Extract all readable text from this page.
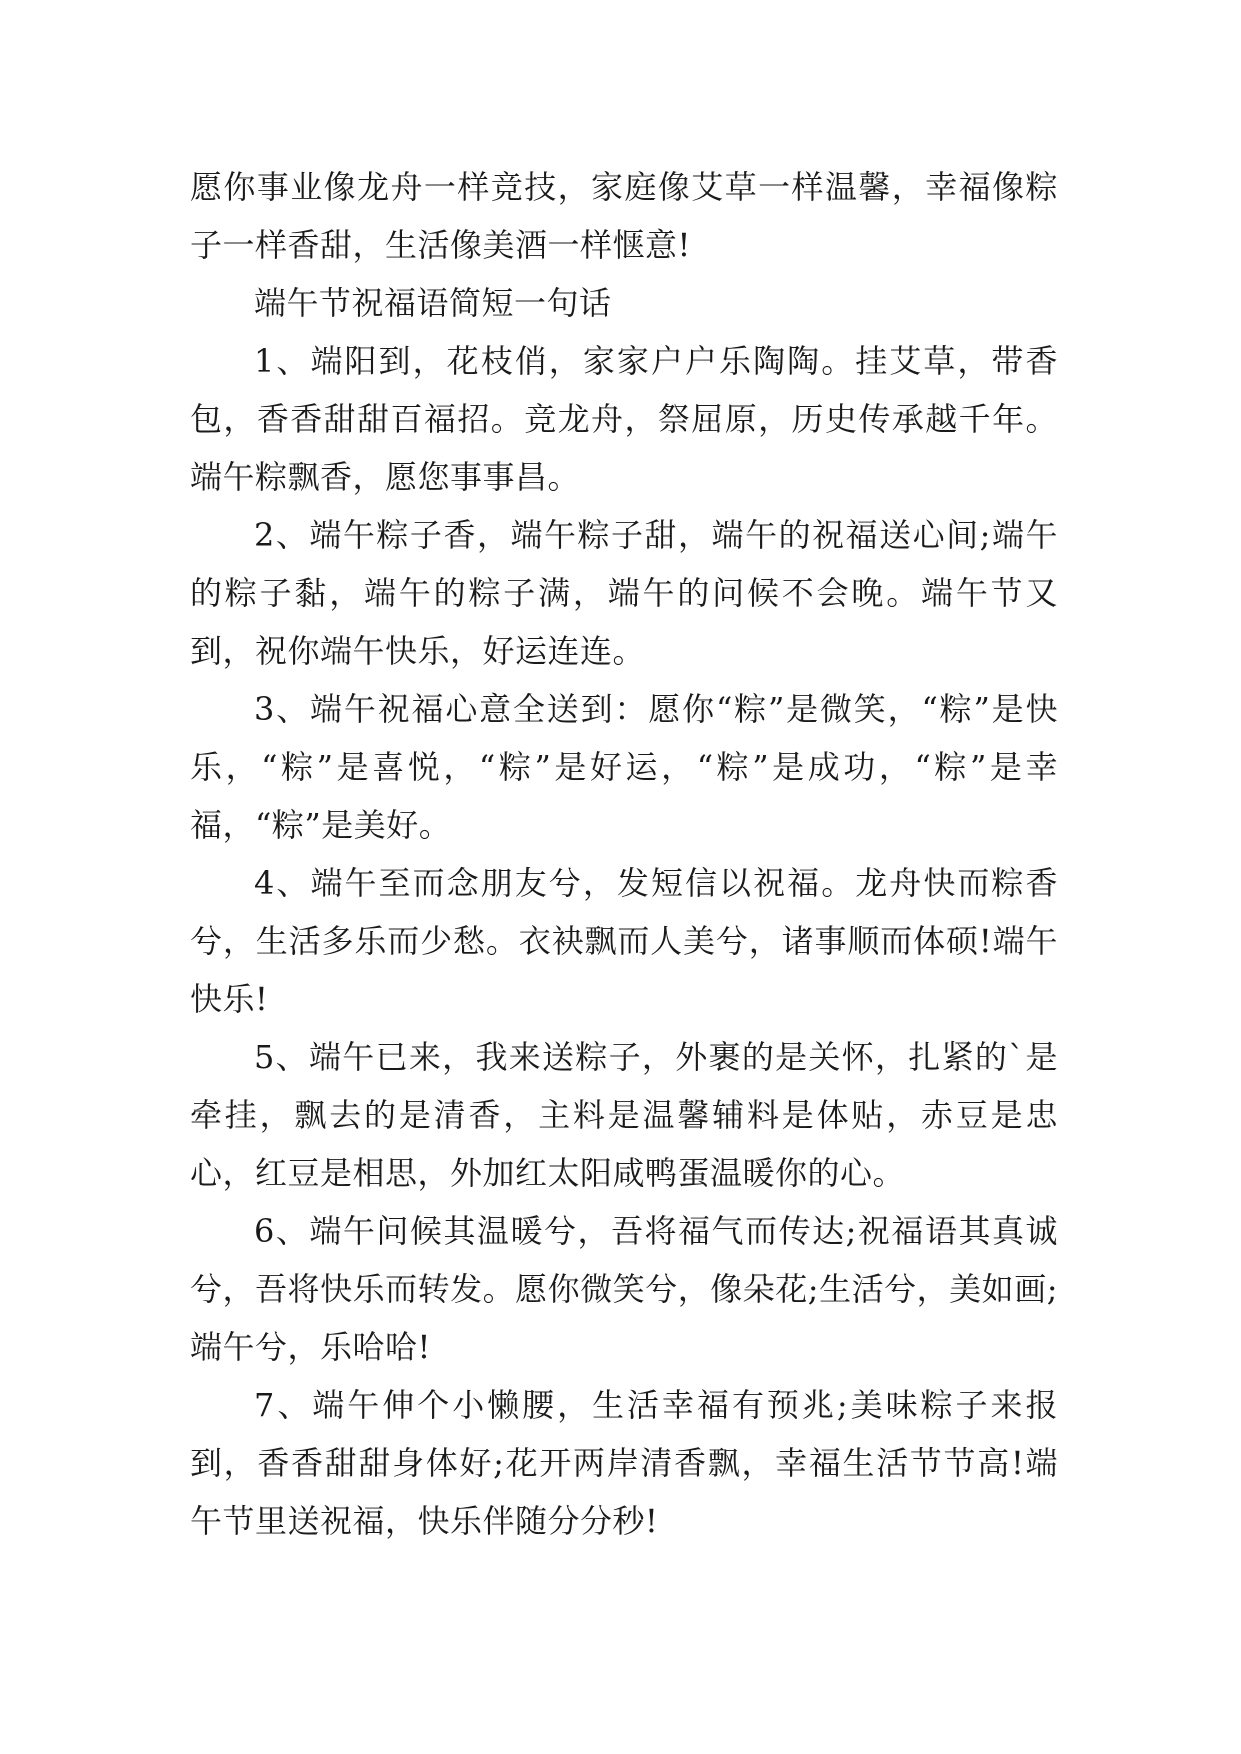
愿你事业像龙舟一样竞技，家庭像艾草一样温馨，幸福像粽子一样香甜，生活像美酒一样惬意!

端午节祝福语简短一句话

1、端阳到，花枝俏，家家户户乐陶陶。挂艾草，带香包，香香甜甜百福招。竞龙舟，祭屈原，历史传承越千年。端午粽飘香，愿您事事昌。

2、端午粽子香，端午粽子甜，端午的祝福送心间;端午的粽子黏，端午的粽子满，端午的问候不会晚。端午节又到，祝你端午快乐，好运连连。

3、端午祝福心意全送到：愿你“粽”是微笑，“粽”是快乐，“粽”是喜悦，“粽”是好运，“粽”是成功，“粽”是幸福，“粽”是美好。

4、端午至而念朋友兮，发短信以祝福。龙舟快而粽香兮，生活多乐而少愁。衣袂飘而人美兮，诸事顺而体硕!端午快乐!

5、端午已来，我来送粽子，外裹的是关怀，扎紧的`是牵挂，飘去的是清香，主料是温馨辅料是体贴，赤豆是忠心，红豆是相思，外加红太阳咸鸭蛋温暖你的心。

6、端午问候其温暖兮，吾将福气而传达;祝福语其真诚兮，吾将快乐而转发。愿你微笑兮，像朵花;生活兮，美如画;端午兮，乐哈哈!

7、端午伸个小懒腰，生活幸福有预兆;美味粽子来报到，香香甜甜身体好;花开两岸清香飘，幸福生活节节高!端午节里送祝福，快乐伴随分分秒!
